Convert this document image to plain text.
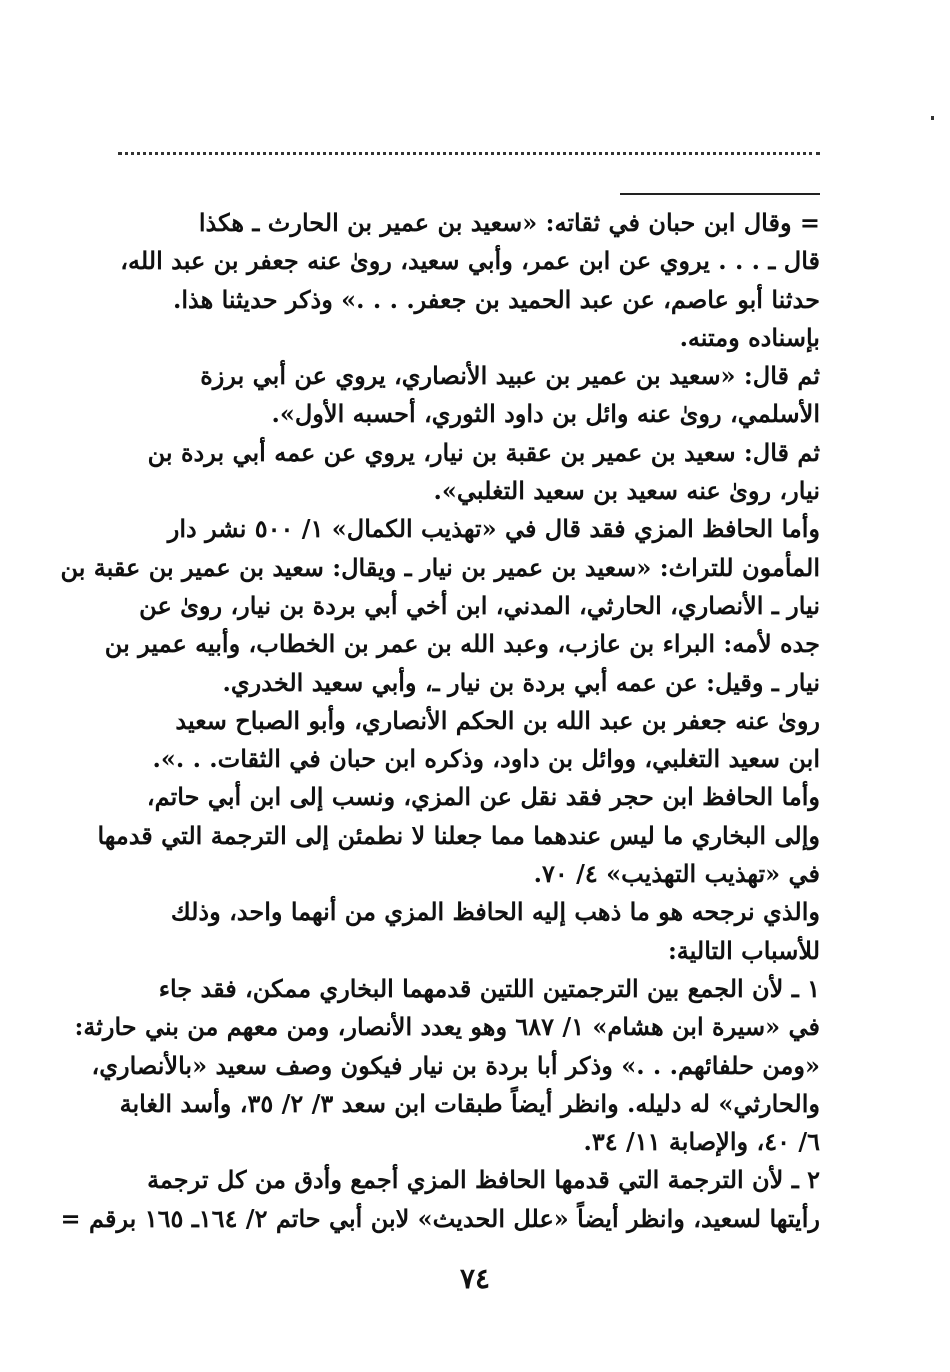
= وقال ابن حبان في ثقاته: «سعيد بن عمير بن الحارث ـ هكذا
قال ـ . . . يروي عن ابن عمر، وأبي سعيد، روىٰ عنه جعفر بن عبد الله،
حدثنا أبو عاصم، عن عبد الحميد بن جعفر. . . .» وذكر حديثنا هذا.
بإسناده ومتنه.
ثم قال: «سعيد بن عمير بن عبيد الأنصاري، يروي عن أبي برزة
الأسلمي، روىٰ عنه وائل بن داود الثوري، أحسبه الأول».
ثم قال: سعيد بن عمير بن عقبة بن نيار، يروي عن عمه أبي بردة بن
نيار، روىٰ عنه سعيد بن سعيد التغلبي».
وأما الحافظ المزي فقد قال في «تهذيب الكمال» ١/ ٥٠٠ نشر دار
المأمون للتراث: «سعيد بن عمير بن نيار ـ ويقال: سعيد بن عمير بن عقبة بن
نيار ـ الأنصاري، الحارثي، المدني، ابن أخي أبي بردة بن نيار، روىٰ عن
جده لأمه: البراء بن عازب، وعبد الله بن عمر بن الخطاب، وأبيه عمير بن
نيار ـ وقيل: عن عمه أبي بردة بن نيار ـ، وأبي سعيد الخدري.
روىٰ عنه جعفر بن عبد الله بن الحكم الأنصاري، وأبو الصباح سعيد
ابن سعيد التغلبي، ووائل بن داود، وذكره ابن حبان في الثقات. . .».
وأما الحافظ ابن حجر فقد نقل عن المزي، ونسب إلى ابن أبي حاتم،
وإلى البخاري ما ليس عندهما مما جعلنا لا نطمئن إلى الترجمة التي قدمها
في «تهذيب التهذيب» ٤/ ٧٠.
والذي نرجحه هو ما ذهب إليه الحافظ المزي من أنهما واحد، وذلك
للأسباب التالية:
١ ـ لأن الجمع بين الترجمتين اللتين قدمهما البخاري ممكن، فقد جاء
في «سيرة ابن هشام» ١/ ٦٨٧ وهو يعدد الأنصار، ومن معهم من بني حارثة:
«ومن حلفائهم. . .» وذكر أبا بردة بن نيار فيكون وصف سعيد «بالأنصاري،
والحارثي» له دليله. وانظر أيضاً طبقات ابن سعد ٣/ ٢/ ٣٥، وأسد الغابة
٦/ ٤٠، والإصابة ١١/ ٣٤.
٢ ـ لأن الترجمة التي قدمها الحافظ المزي أجمع وأدق من كل ترجمة
رأيتها لسعيد، وانظر أيضاً «علل الحديث» لابن أبي حاتم ٢/ ١٦٤ـ ١٦٥ برقم =
٧٤
